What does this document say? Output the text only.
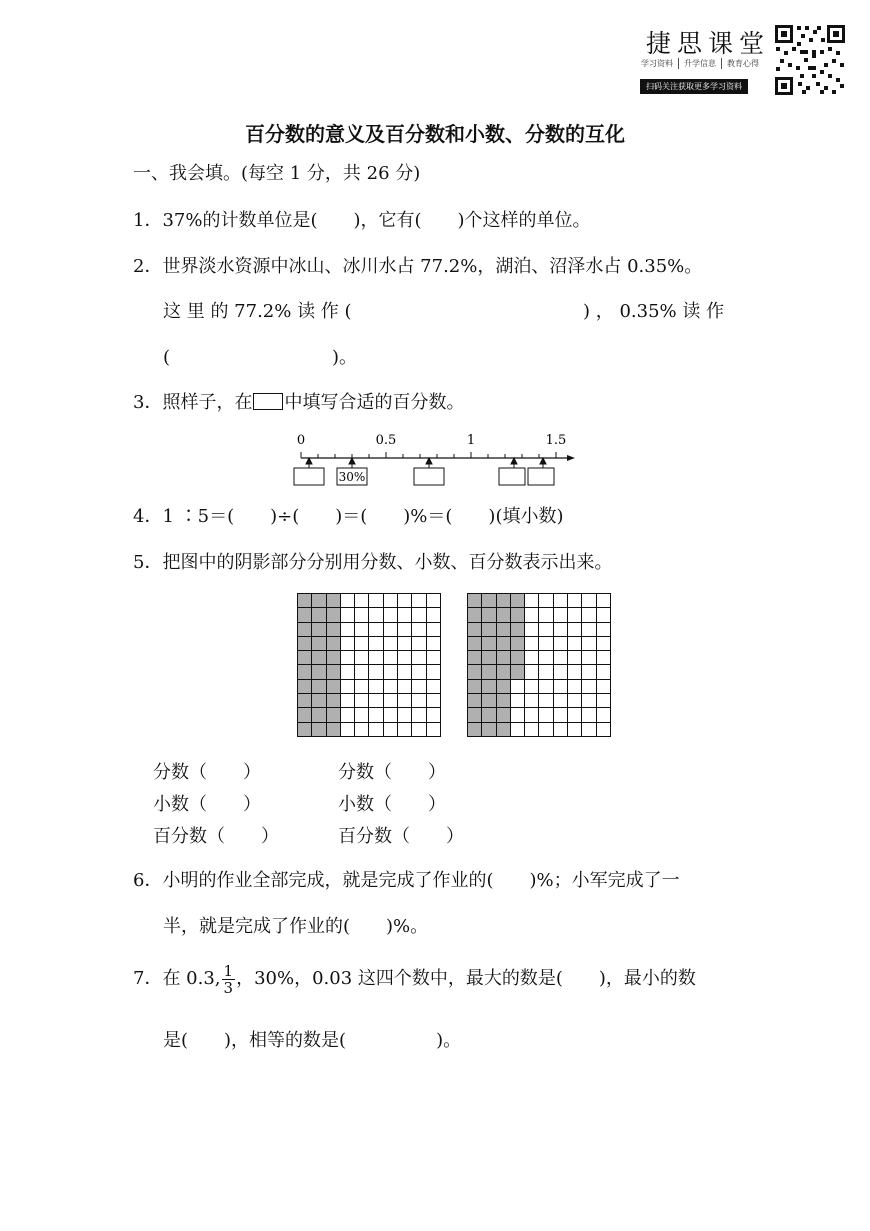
捷思课堂
学习资料 升学信息 教育心得
扫码关注获取更多学习资料
百分数的意义及百分数和小数、分数的互化
一、我会填。(每空 1 分，共 26 分)
1．37%的计数单位是(　　)，它有(　　)个这样的单位。
2．世界淡水资源中冰山、冰川水占 77.2%，湖泊、沼泽水占 0.35%。
这 里 的 77.2% 读 作 (	) ， 0.35% 读 作
(　　　　　　　　　)。
3．照样子，在 中填写合适的百分数。
0	0.5	1	1.5
30%
4．1 ∶5＝(　　)÷(　　)＝(　　)%＝(　　)(填小数)
5．把图中的阴影部分分别用分数、小数、百分数表示出来。

分数（　　）
小数（　　）
百分数（　　）
分数（　　）
小数（　　）
百分数（　　）
6．小明的作业全部完成，就是完成了作业的(　　)%；小军完成了一
半，就是完成了作业的(　　)%。
7．在 0.3, $\frac{1}{3}$ ，30%，0.03 这四个数中，最大的数是(　　)，最小的数
是(　　)，相等的数是(　　　　　)。
